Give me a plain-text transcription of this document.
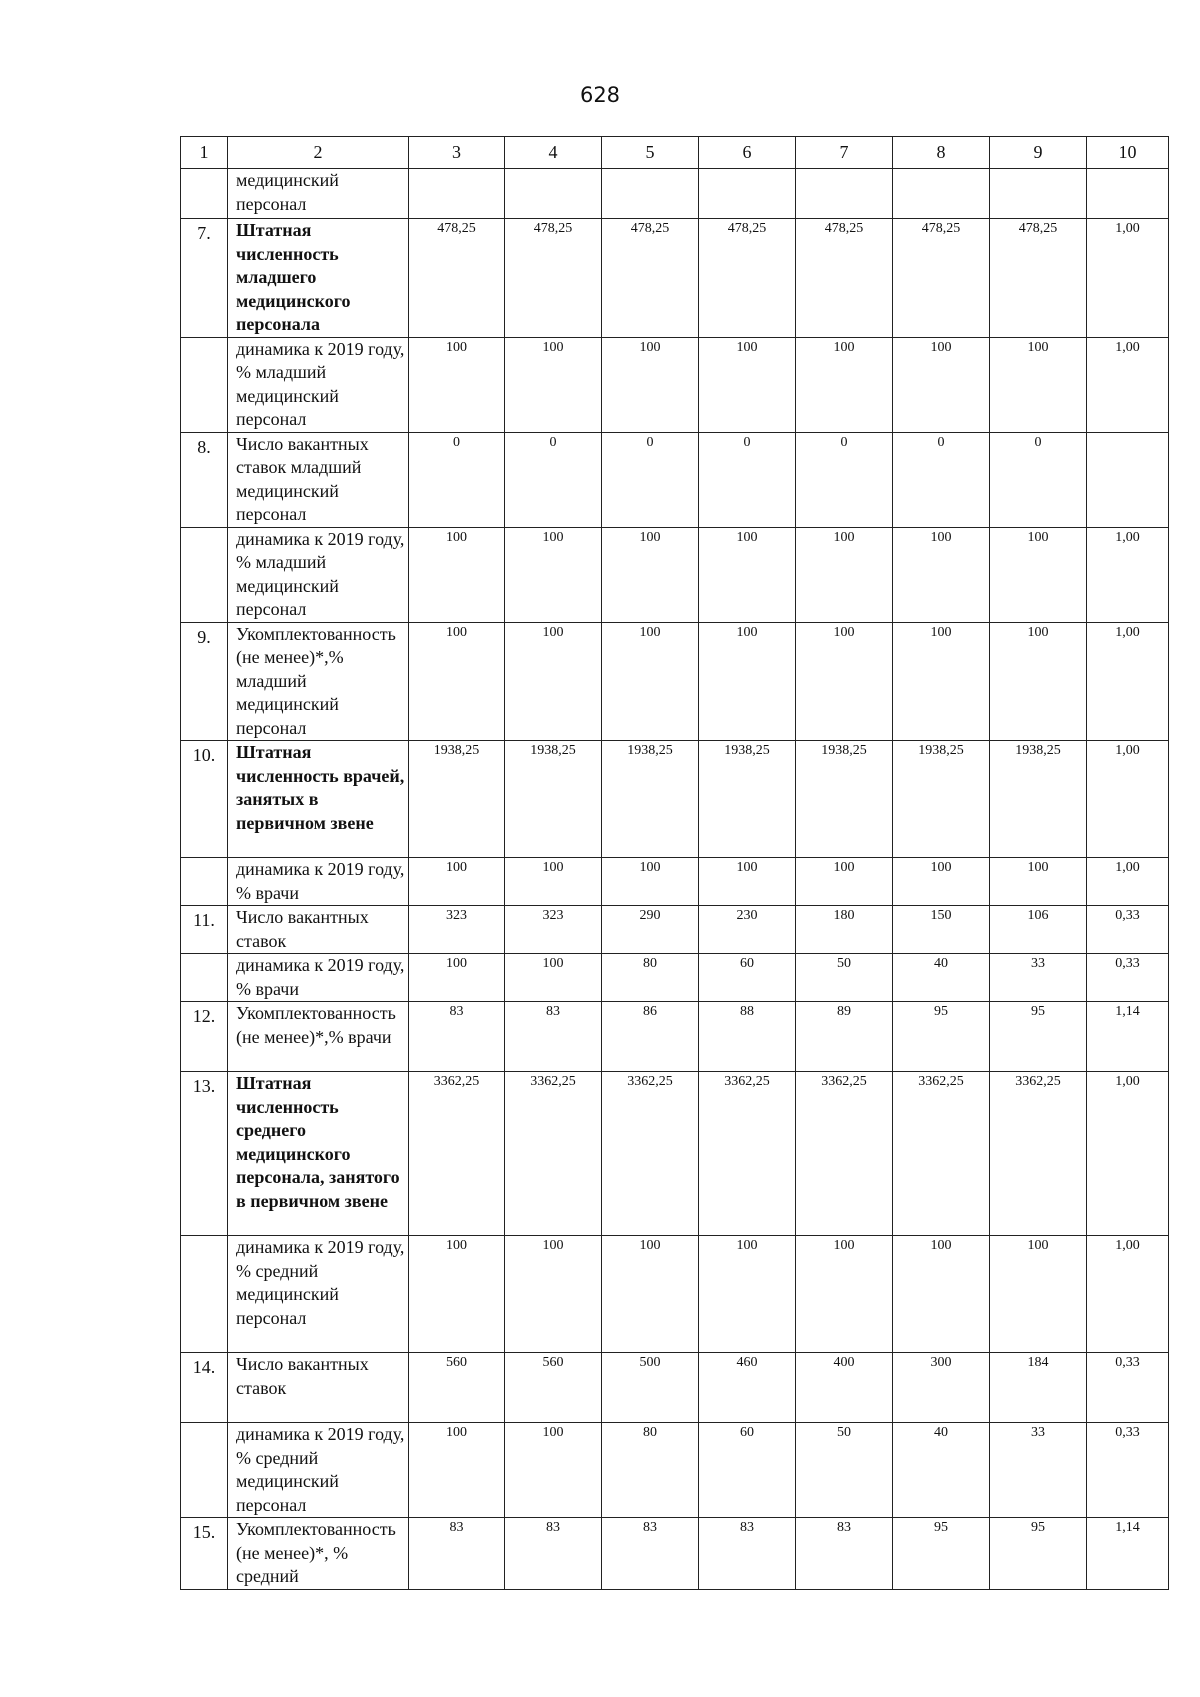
628
1	2	3	4	5	6	7	8	9	10
	медицинский персонал								
7.	Штатная численность младшего медицинского персонала	478,25	478,25	478,25	478,25	478,25	478,25	478,25	1,00
	динамика к 2019 году, % младший медицинский персонал	100	100	100	100	100	100	100	1,00
8.	Число вакантных ставок младший медицинский персонал	0	0	0	0	0	0	0	
	динамика к 2019 году, % младший медицинский персонал	100	100	100	100	100	100	100	1,00
9.	Укомплектованность (не менее)*,% младший медицинский персонал	100	100	100	100	100	100	100	1,00
10.	Штатная численность врачей, занятых в первичном звене	1938,25	1938,25	1938,25	1938,25	1938,25	1938,25	1938,25	1,00
	динамика к 2019 году, % врачи	100	100	100	100	100	100	100	1,00
11.	Число вакантных ставок	323	323	290	230	180	150	106	0,33
	динамика к 2019 году, % врачи	100	100	80	60	50	40	33	0,33
12.	Укомплектованность (не менее)*,% врачи	83	83	86	88	89	95	95	1,14
13.	Штатная численность среднего медицинского персонала, занятого в первичном звене	3362,25	3362,25	3362,25	3362,25	3362,25	3362,25	3362,25	1,00
	динамика к 2019 году, % средний медицинский персонал	100	100	100	100	100	100	100	1,00
14.	Число вакантных ставок	560	560	500	460	400	300	184	0,33
	динамика к 2019 году, % средний медицинский персонал	100	100	80	60	50	40	33	0,33
15.	Укомплектованность (не менее)*, % средний	83	83	83	83	83	95	95	1,14
